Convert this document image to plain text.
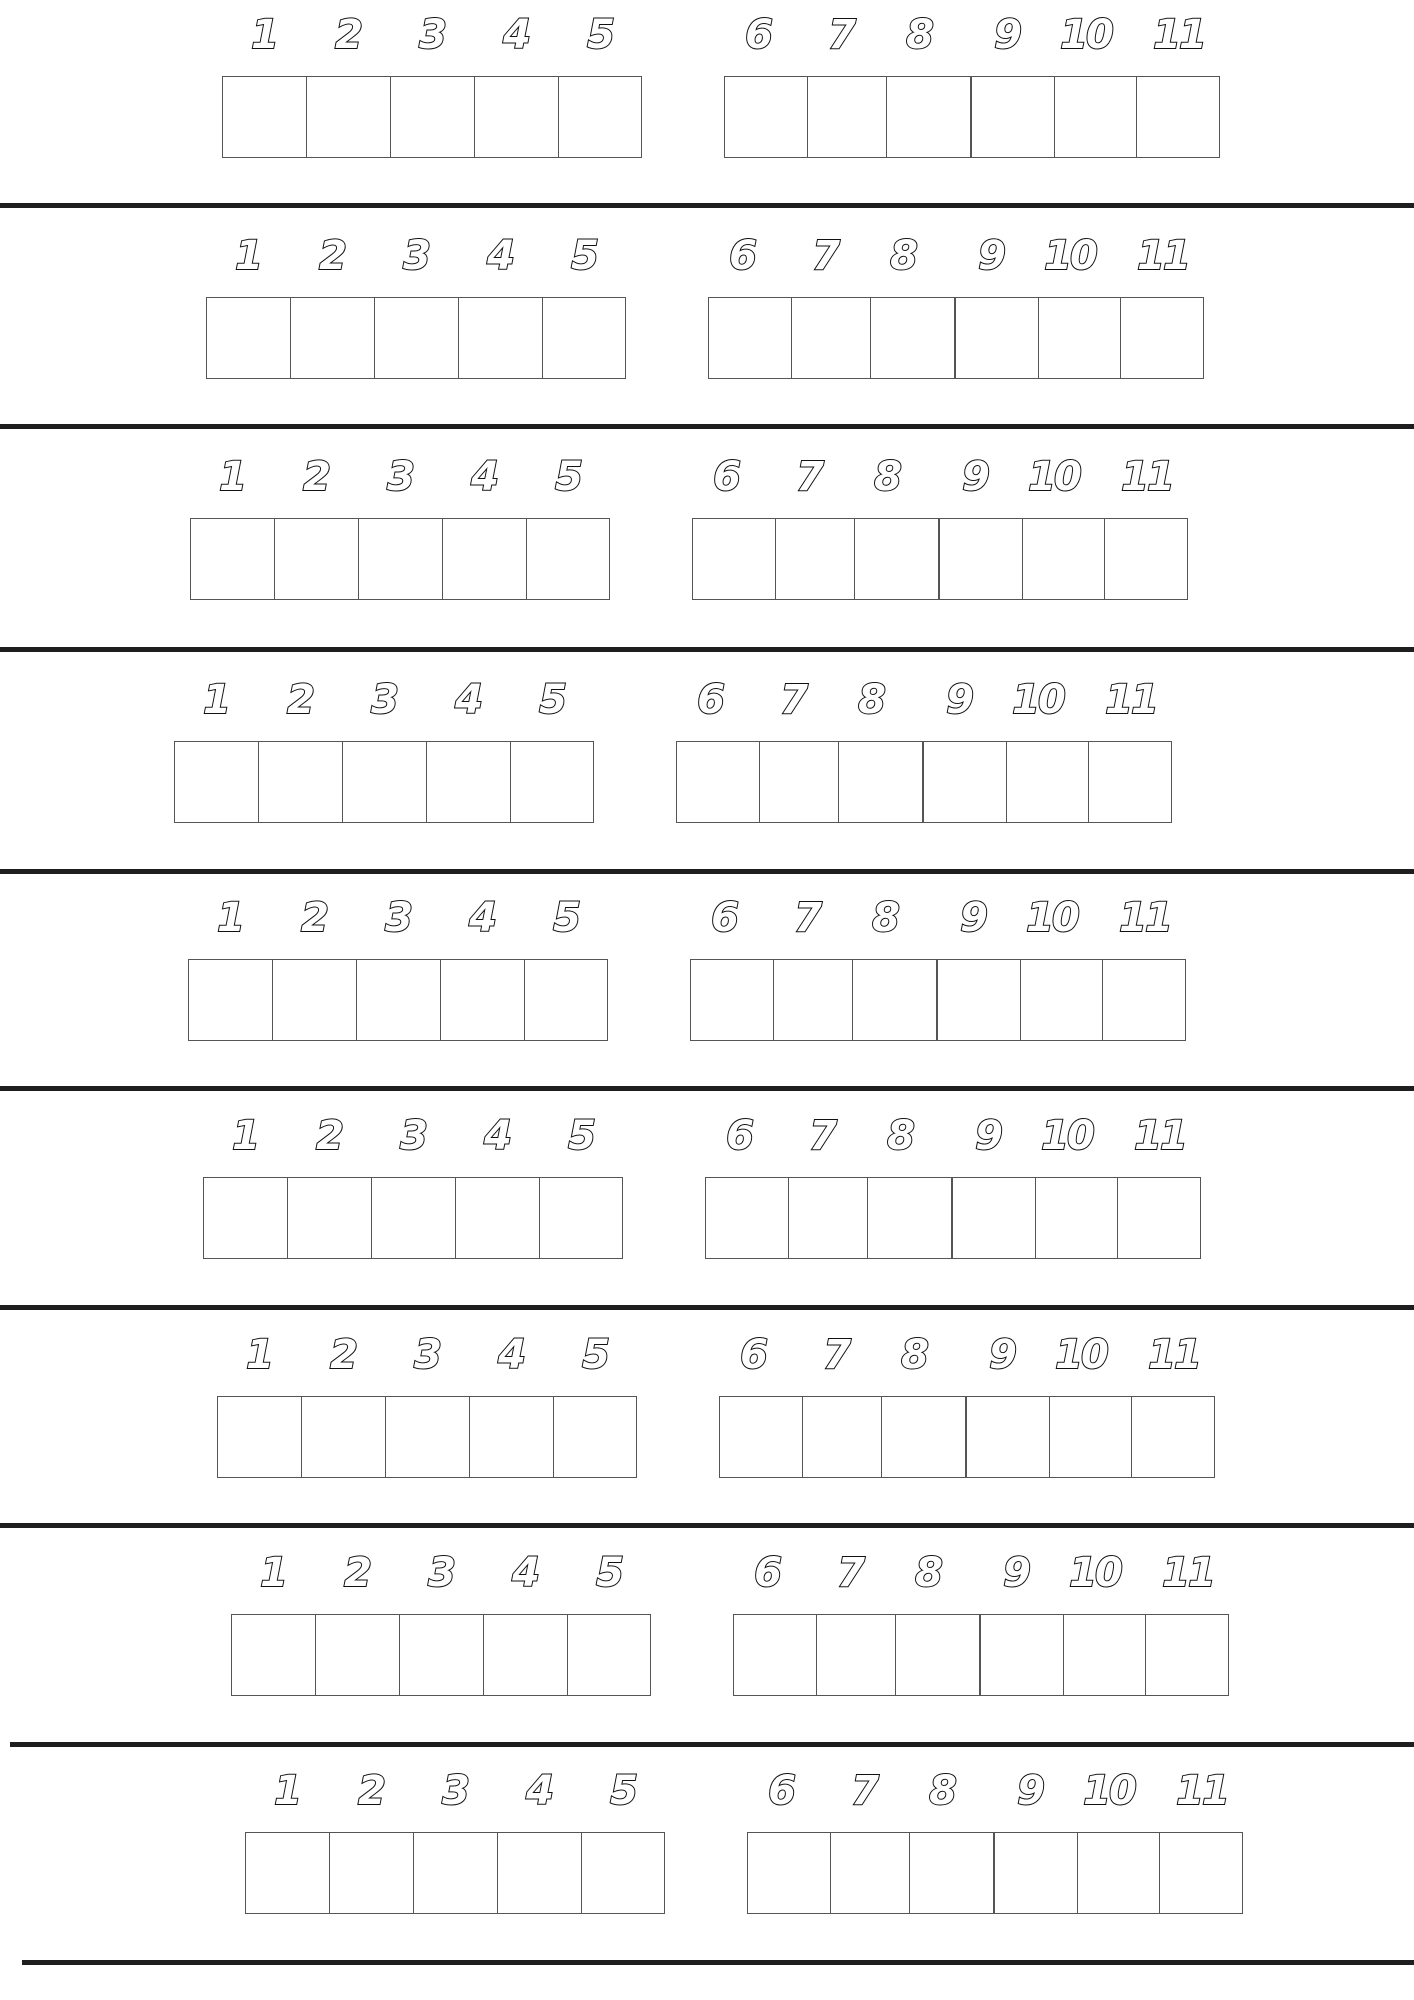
1	2	3	4	5	6	7	8	9	10	11
1	2	3	4	5	6	7	8	9	10	11
1	2	3	4	5	6	7	8	9	10	11
1	2	3	4	5	6	7	8	9	10	11
1	2	3	4	5	6	7	8	9	10	11
1	2	3	4	5	6	7	8	9	10	11
1	2	3	4	5	6	7	8	9	10	11
1	2	3	4	5	6	7	8	9	10	11
1	2	3	4	5	6	7	8	9	10	11
